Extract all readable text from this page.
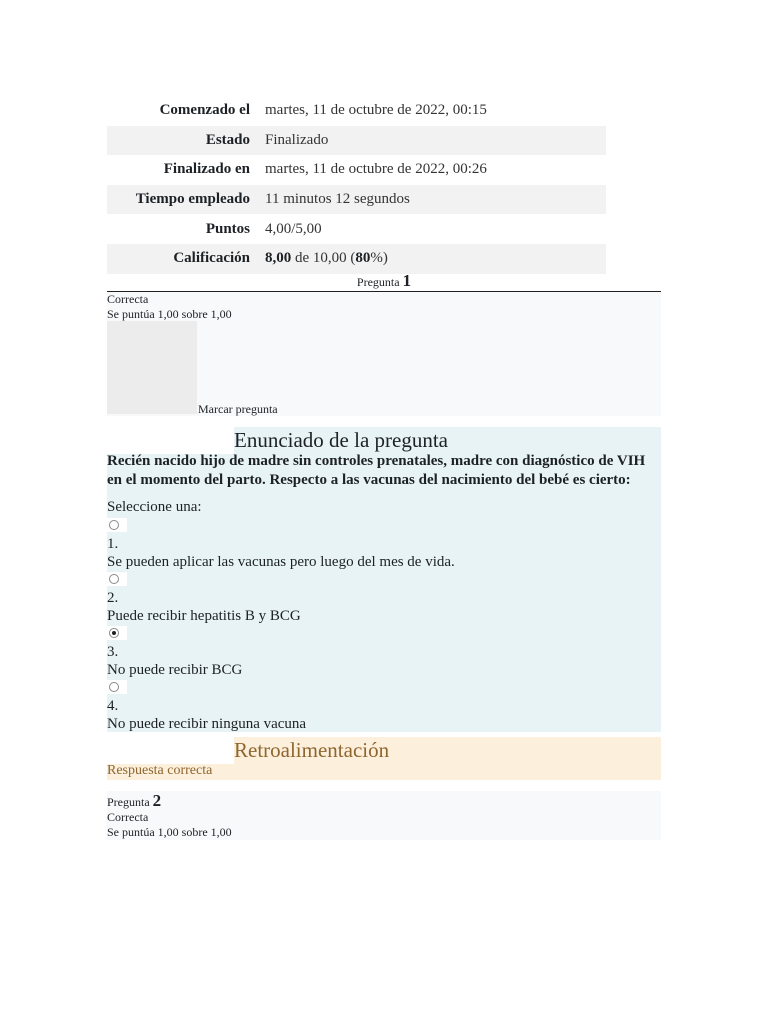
Comenzado el	martes, 11 de octubre de 2022, 00:15
Estado	Finalizado
Finalizado en	martes, 11 de octubre de 2022, 00:26
Tiempo empleado	11 minutos 12 segundos
Puntos	4,00/5,00
Calificación	8,00 de 10,00 (80%)
Pregunta 1
Correcta
Se puntúa 1,00 sobre 1,00
Marcar pregunta
Enunciado de la pregunta
Recién nacido hijo de madre sin controles prenatales, madre con diagnóstico de VIH en el momento del parto. Respecto a las vacunas del nacimiento del bebé es cierto:
Seleccione una:
1.
Se pueden aplicar las vacunas pero luego del mes de vida.
2.
Puede recibir hepatitis B y BCG
3.
No puede recibir BCG
4.
No puede recibir ninguna vacuna
Retroalimentación
Respuesta correcta
Pregunta 2
Correcta
Se puntúa 1,00 sobre 1,00
